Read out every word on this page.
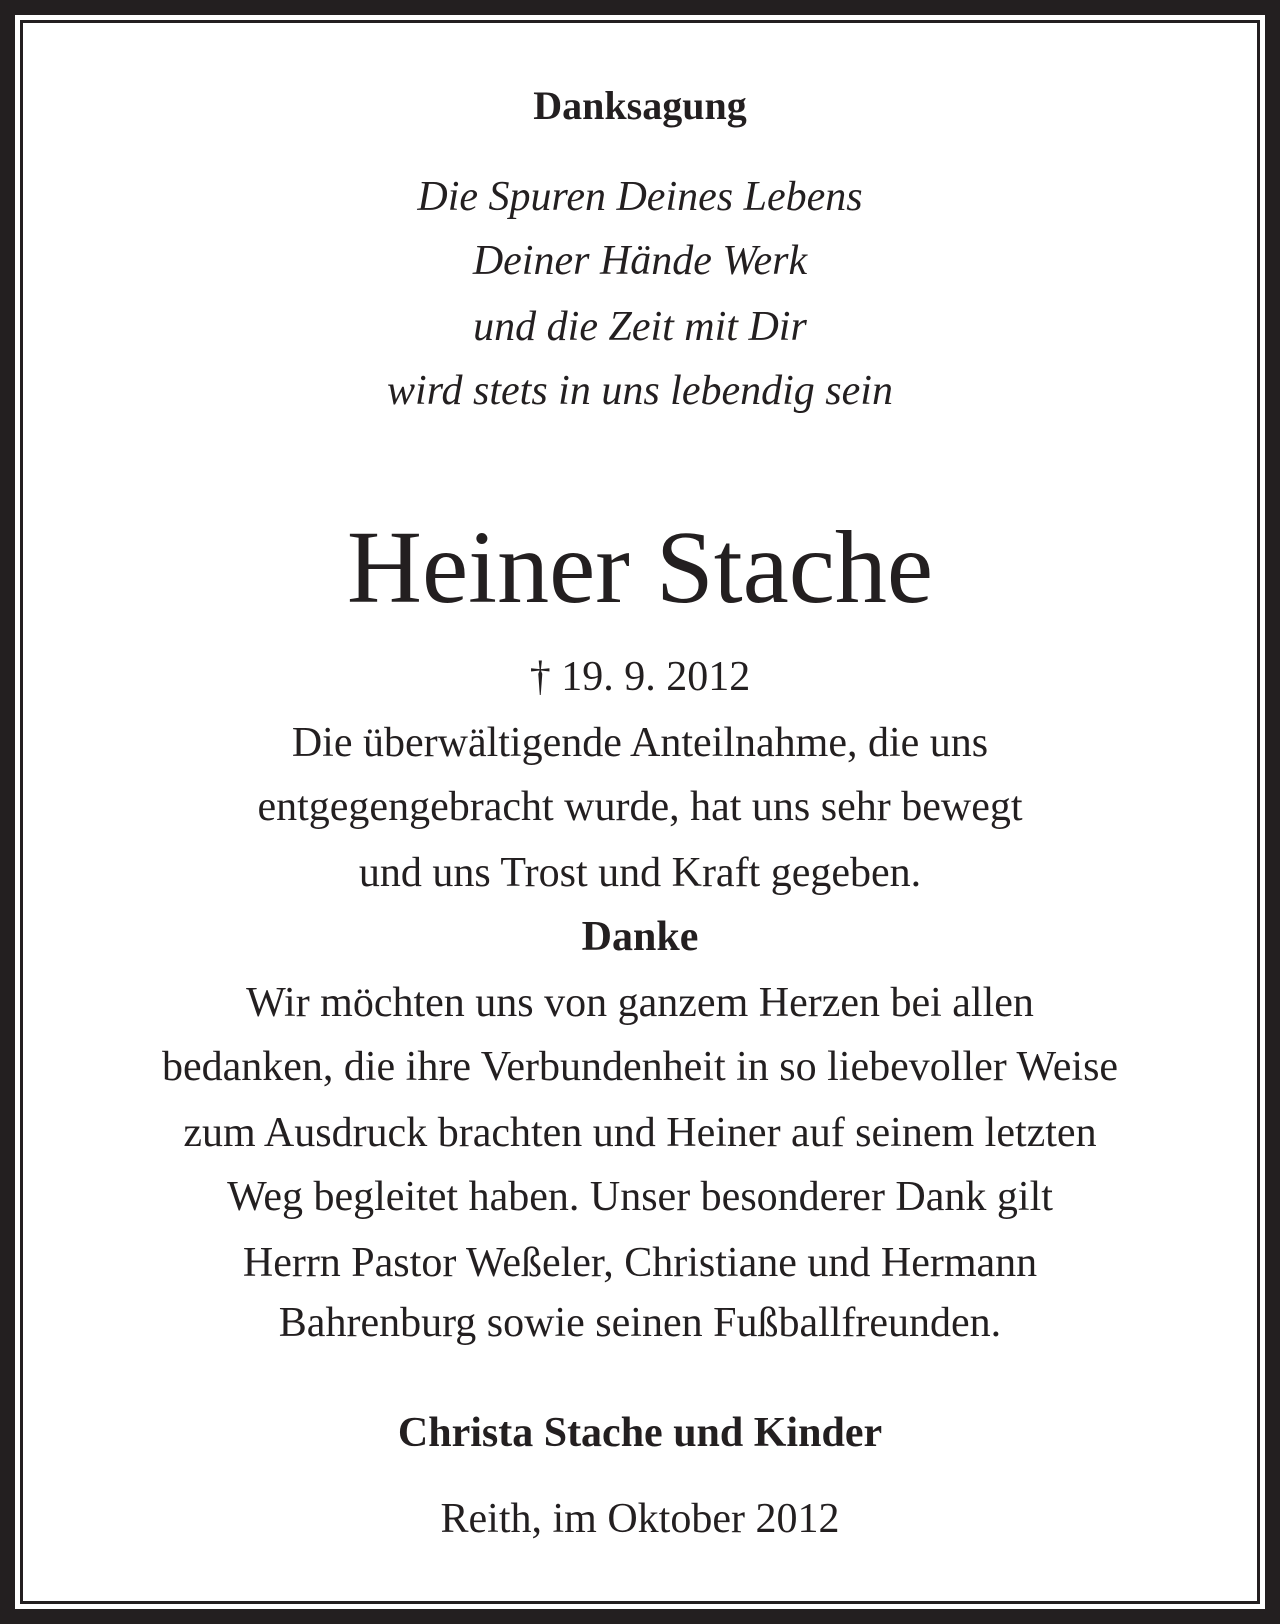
Danksagung

Die Spuren Deines Lebens

Deiner Hände Werk

und die Zeit mit Dir

wird stets in uns lebendig sein

Heiner Stache

† 19. 9. 2012

Die überwältigende Anteilnahme, die uns

entgegengebracht wurde, hat uns sehr bewegt

und uns Trost und Kraft gegeben.

Danke

Wir möchten uns von ganzem Herzen bei allen

bedanken, die ihre Verbundenheit in so liebevoller Weise

zum Ausdruck brachten und Heiner auf seinem letzten

Weg begleitet haben. Unser besonderer Dank gilt

Herrn Pastor Weßeler, Christiane und Hermann

Bahrenburg sowie seinen Fußballfreunden.

Christa Stache und Kinder

Reith, im Oktober 2012
